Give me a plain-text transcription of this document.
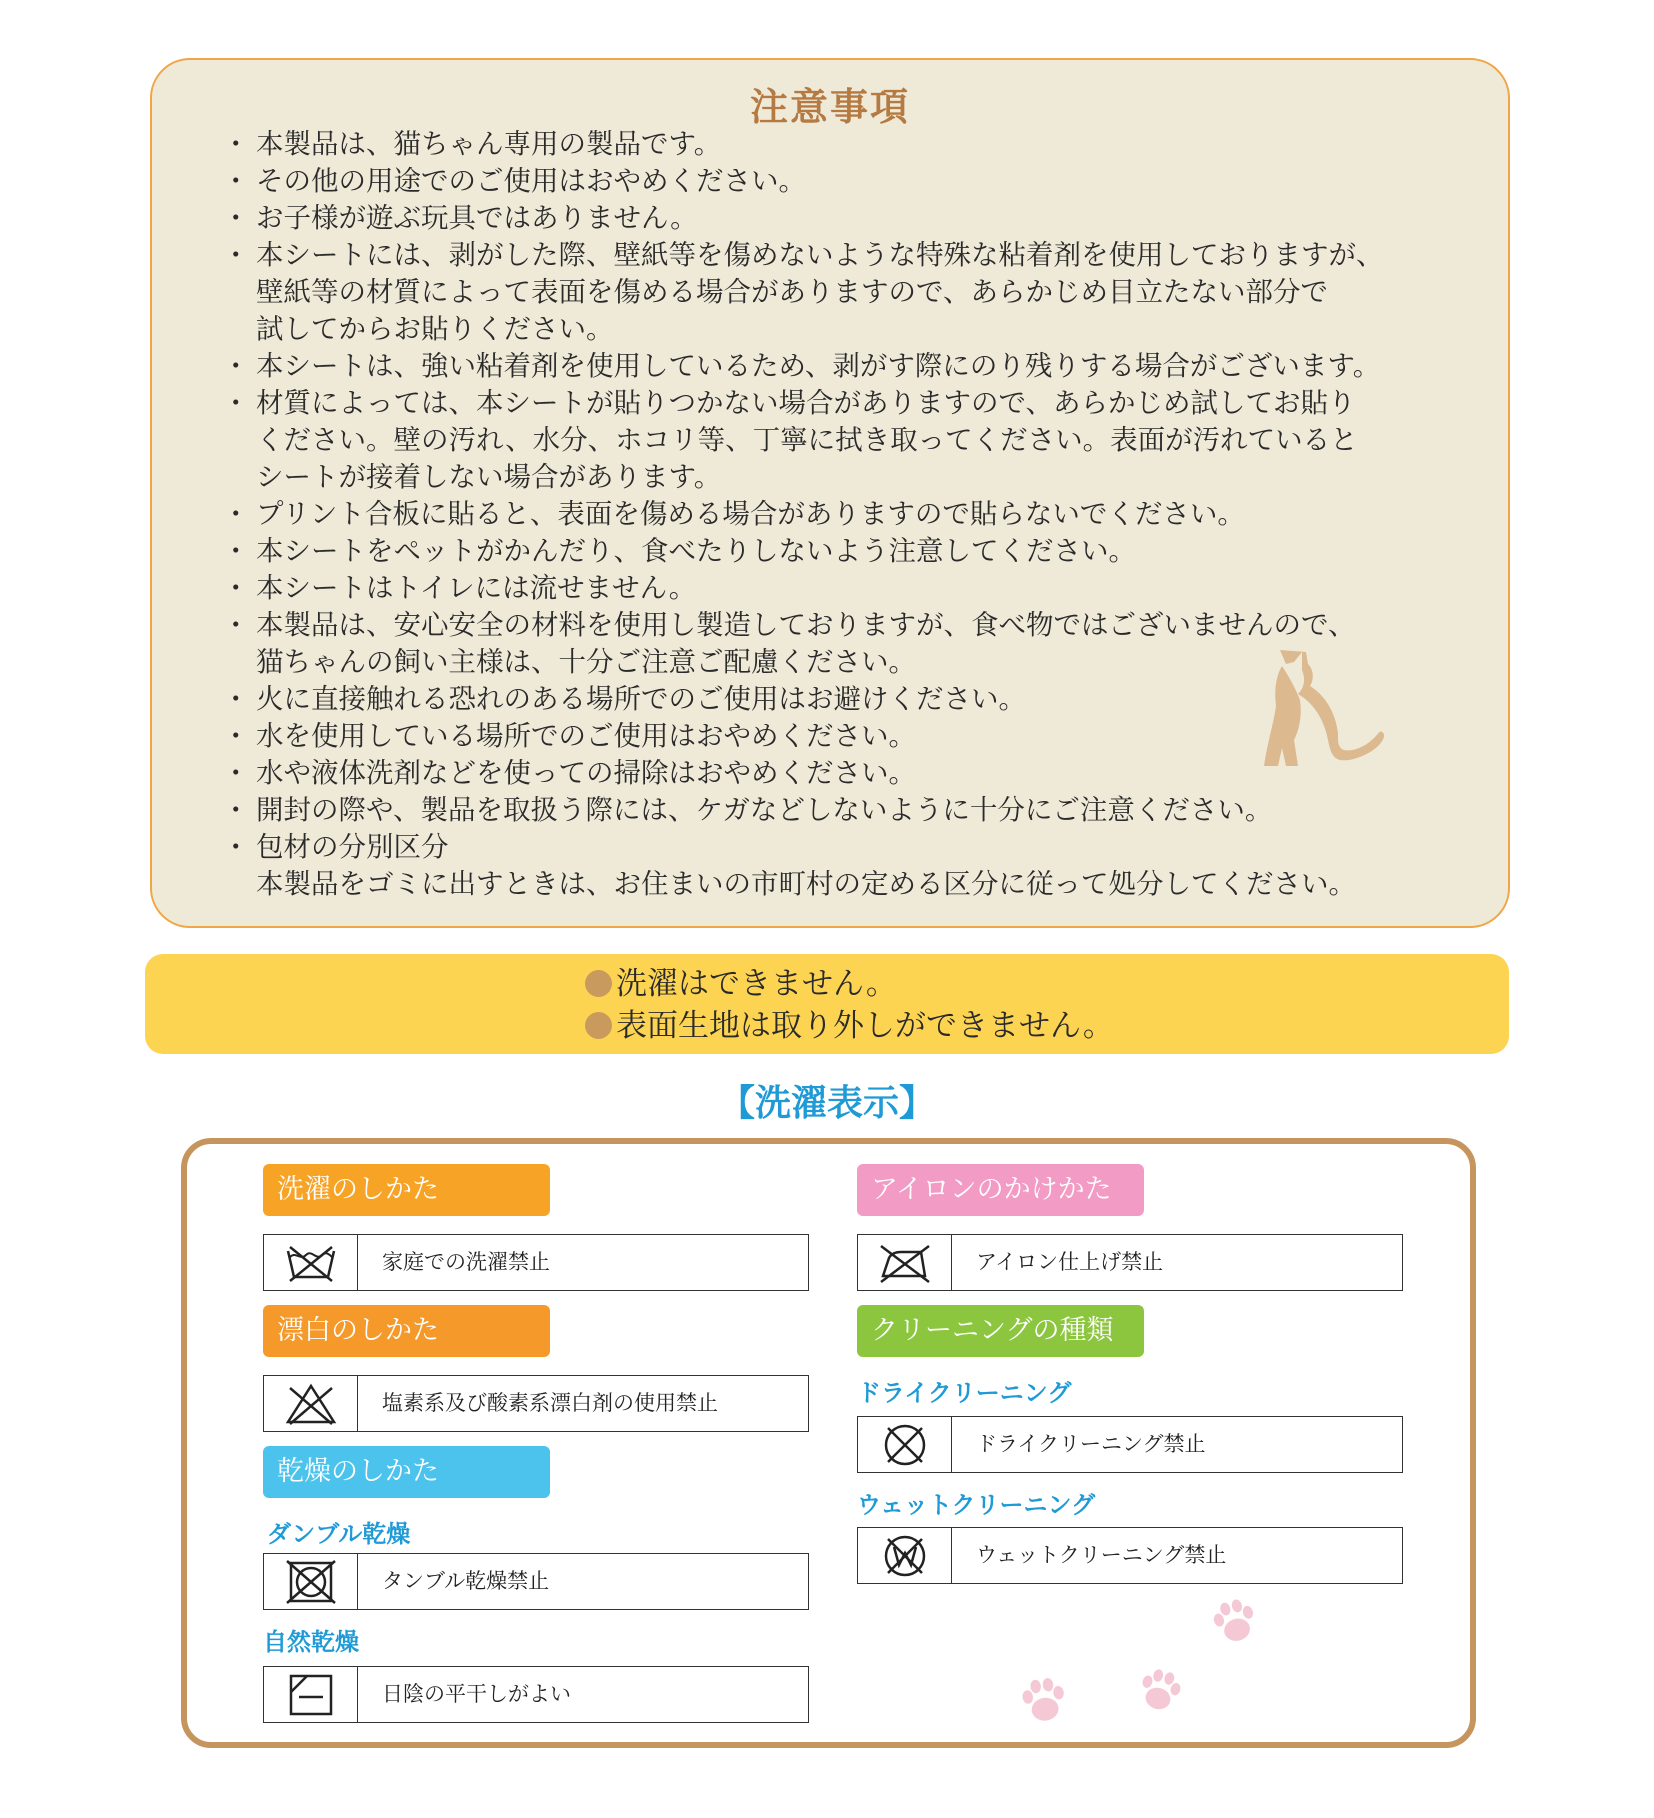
注意事項
・ 本製品は、猫ちゃん専用の製品です。
・ その他の用途でのご使用はおやめください。
・ お子様が遊ぶ玩具ではありません。
・ 本シートには、剥がした際、壁紙等を傷めないような特殊な粘着剤を使用しておりますが、
壁紙等の材質によって表面を傷める場合がありますので、あらかじめ目立たない部分で
試してからお貼りください。
・ 本シートは、強い粘着剤を使用しているため、剥がす際にのり残りする場合がございます。
・ 材質によっては、本シートが貼りつかない場合がありますので、あらかじめ試してお貼り
ください。壁の汚れ、水分、ホコリ等、丁寧に拭き取ってください。表面が汚れていると
シートが接着しない場合があります。
・ プリント合板に貼ると、表面を傷める場合がありますので貼らないでください。
・ 本シートをペットがかんだり、食べたりしないよう注意してください。
・ 本シートはトイレには流せません。
・ 本製品は、安心安全の材料を使用し製造しておりますが、食べ物ではございませんので、
猫ちゃんの飼い主様は、十分ご注意ご配慮ください。
・ 火に直接触れる恐れのある場所でのご使用はお避けください。
・ 水を使用している場所でのご使用はおやめください。
・ 水や液体洗剤などを使っての掃除はおやめください。
・ 開封の際や、製品を取扱う際には、ケガなどしないように十分にご注意ください。
・ 包材の分別区分
本製品をゴミに出すときは、お住まいの市町村の定める区分に従って処分してください。
洗濯はできません。
表面生地は取り外しができません。
【洗濯表示】
洗濯のしかた
家庭での洗濯禁止
漂白のしかた
塩素系及び酸素系漂白剤の使用禁止
乾燥のしかた
ダンブル乾燥
タンブル乾燥禁止
自然乾燥
日陰の平干しがよい
アイロンのかけかた
アイロン仕上げ禁止
クリーニングの種類
ドライクリーニング
ドライクリーニング禁止
ウェットクリーニング
ウェットクリーニング禁止
